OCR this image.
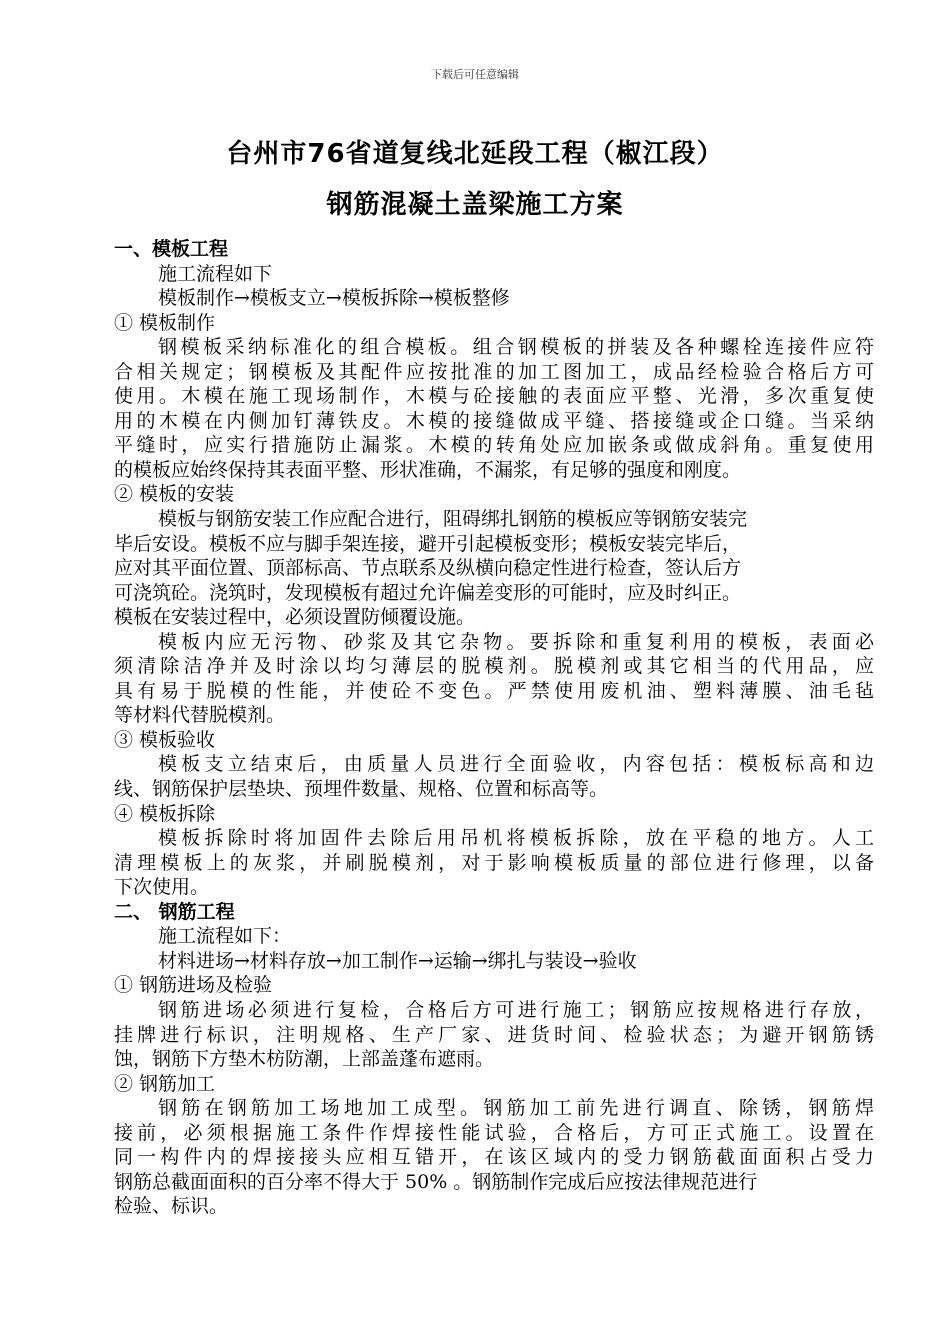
下载后可任意编辑
台州市76省道复线北延段工程（椒江段）
钢筋混凝土盖梁施工方案
一、模板工程
施工流程如下
模板制作→模板支立→模板拆除→模板整修
① 模板制作
钢模板采纳标准化的组合模板。组合钢模板的拼装及各种螺栓连接件应符
合相关规定；钢模板及其配件应按批准的加工图加工，成品经检验合格后方可
使用。木模在施工现场制作，木模与砼接触的表面应平整、光滑，多次重复使
用的木模在内侧加钉薄铁皮。木模的接缝做成平缝、搭接缝或企口缝。当采纳
平缝时，应实行措施防止漏浆。木模的转角处应加嵌条或做成斜角。重复使用
的模板应始终保持其表面平整、形状准确，不漏浆，有足够的强度和刚度。
② 模板的安装
模板与钢筋安装工作应配合进行，阻碍绑扎钢筋的模板应等钢筋安装完
毕后安设。模板不应与脚手架连接，避开引起模板变形；模板安装完毕后，
应对其平面位置、顶部标高、节点联系及纵横向稳定性进行检查，签认后方
可浇筑砼。浇筑时，发现模板有超过允许偏差变形的可能时，应及时纠正。
模板在安装过程中，必须设置防倾覆设施。
模板内应无污物、砂浆及其它杂物。要拆除和重复利用的模板，表面必
须清除洁净并及时涂以均匀薄层的脱模剂。脱模剂或其它相当的代用品，应
具有易于脱模的性能，并使砼不变色。严禁使用废机油、塑料薄膜、油毛毡
等材料代替脱模剂。
③ 模板验收
模板支立结束后，由质量人员进行全面验收，内容包括：模板标高和边
线、钢筋保护层垫块、预埋件数量、规格、位置和标高等。
④ 模板拆除
模板拆除时将加固件去除后用吊机将模板拆除，放在平稳的地方。人工
清理模板上的灰浆，并刷脱模剂，对于影响模板质量的部位进行修理，以备
下次使用。
二、 钢筋工程
施工流程如下：
材料进场→材料存放→加工制作→运输→绑扎与装设→验收
① 钢筋进场及检验
钢筋进场必须进行复检，合格后方可进行施工；钢筋应按规格进行存放，
挂牌进行标识，注明规格、生产厂家、进货时间、检验状态；为避开钢筋锈
蚀，钢筋下方垫木枋防潮，上部盖蓬布遮雨。
② 钢筋加工
钢筋在钢筋加工场地加工成型。钢筋加工前先进行调直、除锈，钢筋焊
接前，必须根据施工条件作焊接性能试验，合格后，方可正式施工。设置在
同一构件内的焊接接头应相互错开，在该区域内的受力钢筋截面面积占受力
钢筋总截面面积的百分率不得大于 50% 。钢筋制作完成后应按法律规范进行
检验、标识。
